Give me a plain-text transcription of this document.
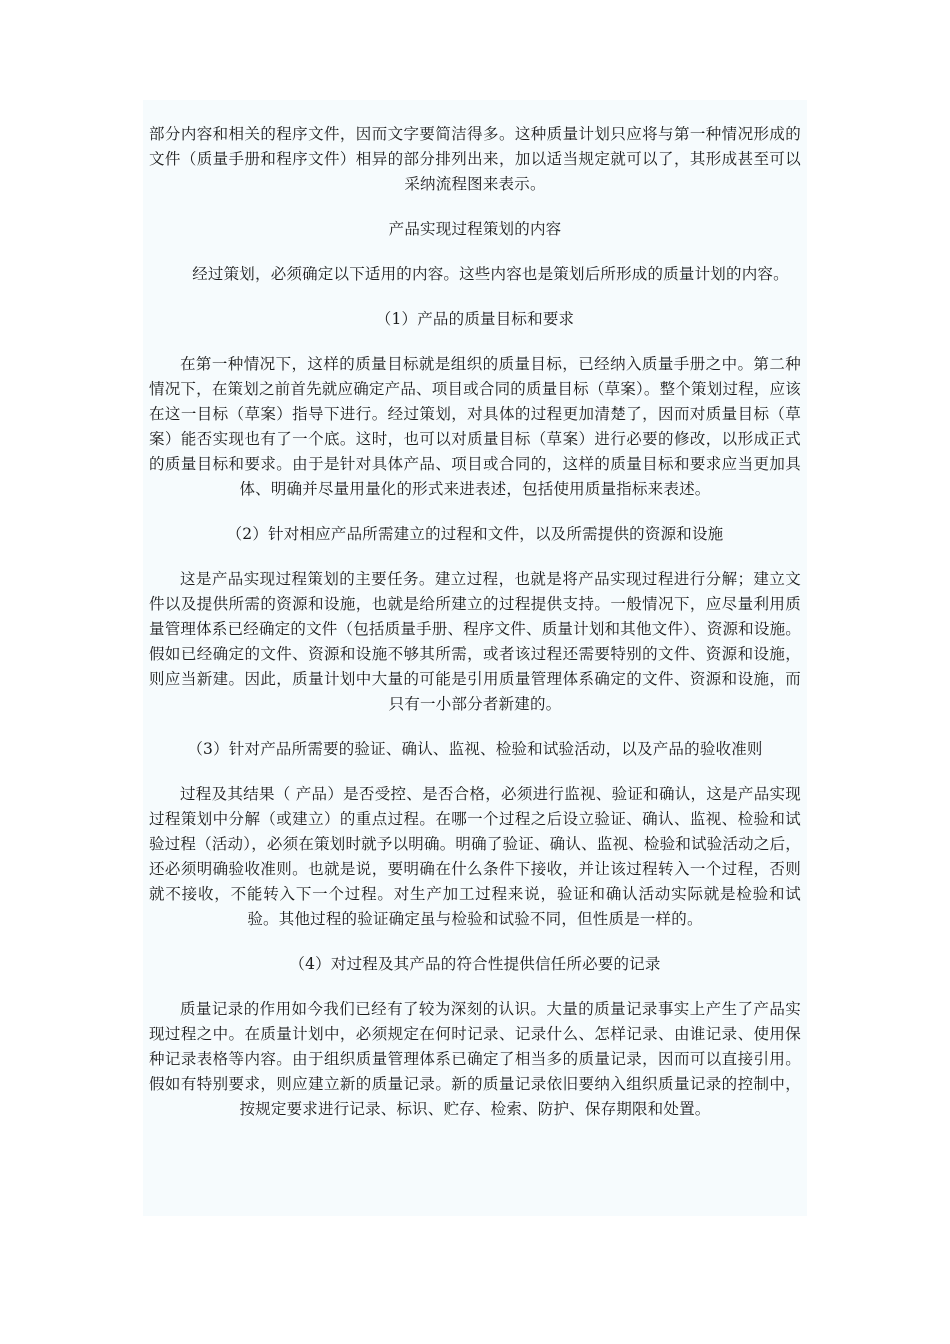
部分内容和相关的程序文件，因而文字要简洁得多。这种质量计划只应将与第一种情况形成的文件（质量手册和程序文件）相异的部分排列出来，加以适当规定就可以了，其形成甚至可以采纳流程图来表示。

产品实现过程策划的内容

经过策划，必须确定以下适用的内容。这些内容也是策划后所形成的质量计划的内容。

（1）产品的质量目标和要求

在第一种情况下，这样的质量目标就是组织的质量目标，已经纳入质量手册之中。第二种情况下，在策划之前首先就应确定产品、项目或合同的质量目标（草案）。整个策划过程，应该在这一目标（草案）指导下进行。经过策划，对具体的过程更加清楚了，因而对质量目标（草案）能否实现也有了一个底。这时，也可以对质量目标（草案）进行必要的修改，以形成正式的质量目标和要求。由于是针对具体产品、项目或合同的，这样的质量目标和要求应当更加具体、明确并尽量用量化的形式来进表述，包括使用质量指标来表述。

（2）针对相应产品所需建立的过程和文件，以及所需提供的资源和设施

这是产品实现过程策划的主要任务。建立过程，也就是将产品实现过程进行分解；建立文件以及提供所需的资源和设施，也就是给所建立的过程提供支持。一般情况下，应尽量利用质量管理体系已经确定的文件（包括质量手册、程序文件、质量计划和其他文件）、资源和设施。假如已经确定的文件、资源和设施不够其所需，或者该过程还需要特别的文件、资源和设施，则应当新建。因此，质量计划中大量的可能是引用质量管理体系确定的文件、资源和设施，而只有一小部分者新建的。

（3）针对产品所需要的验证、确认、监视、检验和试验活动，以及产品的验收准则

过程及其结果（ 产品）是否受控、是否合格，必须进行监视、验证和确认，这是产品实现过程策划中分解（或建立）的重点过程。在哪一个过程之后设立验证、确认、监视、检验和试验过程（活动），必须在策划时就予以明确。明确了验证、确认、监视、检验和试验活动之后，还必须明确验收准则。也就是说，要明确在什么条件下接收，并让该过程转入一个过程，否则就不接收，不能转入下一个过程。对生产加工过程来说，验证和确认活动实际就是检验和试验。其他过程的验证确定虽与检验和试验不同，但性质是一样的。

（4）对过程及其产品的符合性提供信任所必要的记录

质量记录的作用如今我们已经有了较为深刻的认识。大量的质量记录事实上产生了产品实现过程之中。在质量计划中，必须规定在何时记录、记录什么、怎样记录、由谁记录、使用保种记录表格等内容。由于组织质量管理体系已确定了相当多的质量记录，因而可以直接引用。假如有特别要求，则应建立新的质量记录。新的质量记录依旧要纳入组织质量记录的控制中，按规定要求进行记录、标识、贮存、检索、防护、保存期限和处置。
